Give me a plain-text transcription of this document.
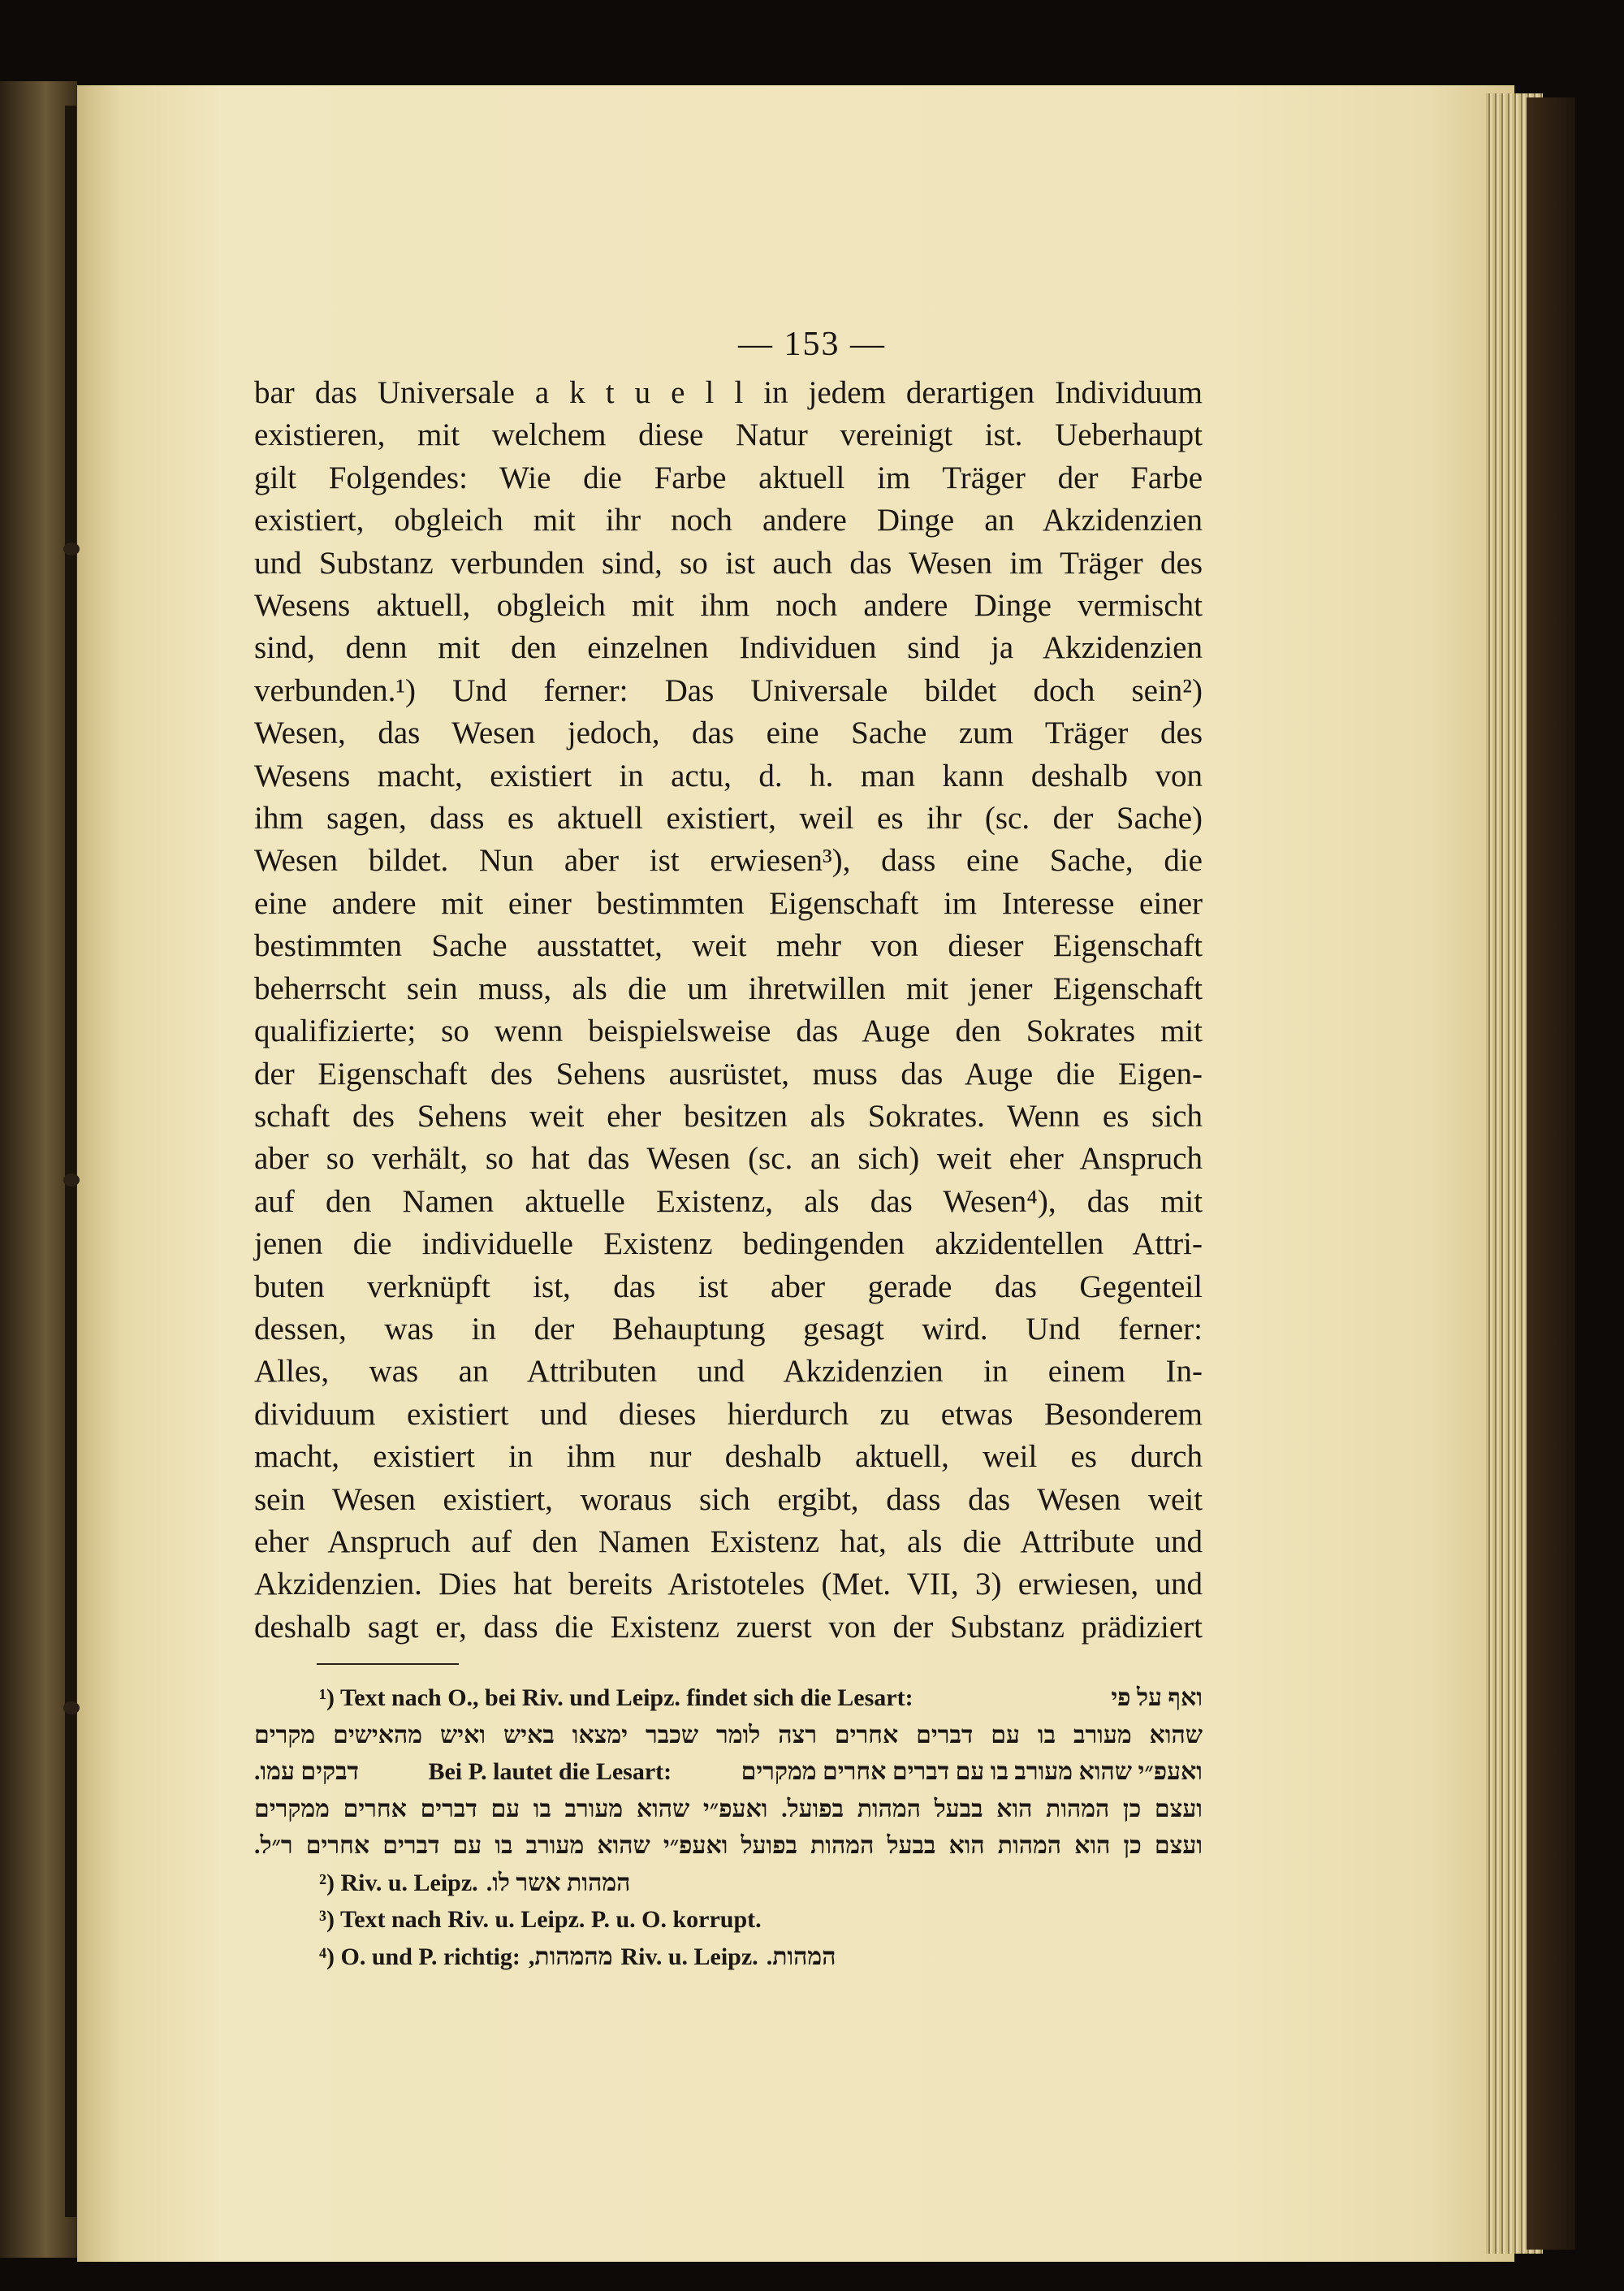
— 153 —
bar das Universale a k t u e l l in jedem derartigen Individuum
existieren, mit welchem diese Natur vereinigt ist. Ueberhaupt
gilt Folgendes: Wie die Farbe aktuell im Träger der Farbe
existiert, obgleich mit ihr noch andere Dinge an Akzidenzien
und Substanz verbunden sind, so ist auch das Wesen im Träger des
Wesens aktuell, obgleich mit ihm noch andere Dinge vermischt
sind, denn mit den einzelnen Individuen sind ja Akzidenzien
verbunden.¹) Und ferner: Das Universale bildet doch sein²)
Wesen, das Wesen jedoch, das eine Sache zum Träger des
Wesens macht, existiert in actu, d. h. man kann deshalb von
ihm sagen, dass es aktuell existiert, weil es ihr (sc. der Sache)
Wesen bildet. Nun aber ist erwiesen³), dass eine Sache, die
eine andere mit einer bestimmten Eigenschaft im Interesse einer
bestimmten Sache ausstattet, weit mehr von dieser Eigenschaft
beherrscht sein muss, als die um ihretwillen mit jener Eigenschaft
qualifizierte; so wenn beispielsweise das Auge den Sokrates mit
der Eigenschaft des Sehens ausrüstet, muss das Auge die Eigen-
schaft des Sehens weit eher besitzen als Sokrates. Wenn es sich
aber so verhält, so hat das Wesen (sc. an sich) weit eher Anspruch
auf den Namen aktuelle Existenz, als das Wesen⁴), das mit
jenen die individuelle Existenz bedingenden akzidentellen Attri-
buten verknüpft ist, das ist aber gerade das Gegenteil
dessen, was in der Behauptung gesagt wird. Und ferner:
Alles, was an Attributen und Akzidenzien in einem In-
dividuum existiert und dieses hierdurch zu etwas Besonderem
macht, existiert in ihm nur deshalb aktuell, weil es durch
sein Wesen existiert, woraus sich ergibt, dass das Wesen weit
eher Anspruch auf den Namen Existenz hat, als die Attribute und
Akzidenzien. Dies hat bereits Aristoteles (Met. VII, 3) erwiesen, und
deshalb sagt er, dass die Existenz zuerst von der Substanz prädiziert
¹) Text nach O., bei Riv. und Leipz. findet sich die Lesart:	ואף על פי
שהוא מעורב בו עם דברים אחרים רצה לומר שכבר ימצאו באיש ואיש מהאישים מקרים
דבקים עמו.	Bei P. lautet die Lesart:	ואעפ״י שהוא מעורב בו עם דברים אחרים ממקרים
ועצם כן המהות הוא בבעל המהות בפועל. ואעפ״י שהוא מעורב בו עם דברים אחרים ממקרים
ועצם כן הוא המהות הוא בבעל המהות בפועל ואעפ״י שהוא מעורב בו עם דברים אחרים ר״ל.
²) Riv. u. Leipz. המהות אשר לו.
³) Text nach Riv. u. Leipz. P. u. O. korrupt.
⁴) O. und P. richtig: מהמהות, Riv. u. Leipz. המהות.
